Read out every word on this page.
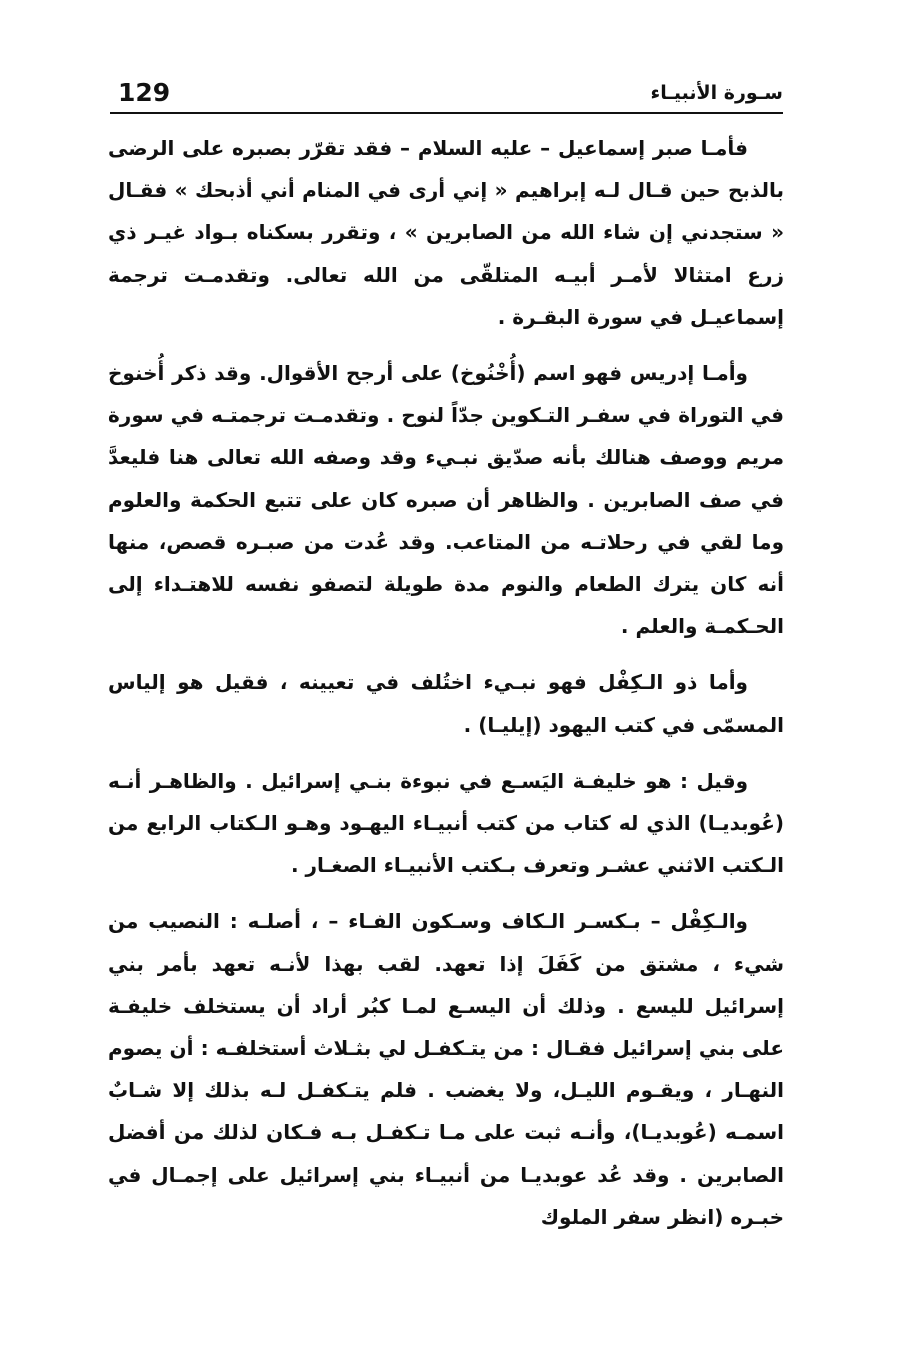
129	سـورة الأنبيـاء

فأمـا صبر إسماعيل – عليه السلام – فقد تقرّر بصبره على الرضى بالذبح حين قـال لـه إبراهيم « إني أرى في المنام أني أذبحك » فقـال « ستجدني إن شاء الله من الصابرين » ، وتقرر بسكناه بـواد غيـر ذي زرع امتثالا لأمـر أبيـه المتلقّى من الله تعالى. وتقدمـت ترجمة إسماعيـل في سورة البقـرة .

وأمـا إدريس فهو اسم (أُخْنُوخ) على أرجح الأقوال. وقد ذكر أُخنوخ في التوراة في سفـر التـكوين جدّاً لنوح . وتقدمـت ترجمتـه في سورة مريم ووصف هنالك بأنه صدّيق نبـيء وقد وصفه الله تعالى هنا فليعدَّ في صف الصابرين . والظاهر أن صبره كان على تتبع الحكمة والعلوم وما لقي في رحلاتـه من المتاعب. وقد عُدت من صبـره قصص، منها أنه كان يترك الطعام والنوم مدة طويلة لتصفو نفسه للاهتـداء إلى الحـكمـة والعلم .

وأما ذو الـكِفْل فهو نبـيء اختُلف في تعيينه ، فقيل هو إلياس المسمّى في كتب اليهود (إيليـا) .

وقيل : هو خليفـة اليَسـع في نبوءة بنـي إسرائيل . والظاهـر أنـه (عُوبديـا) الذي له كتاب من كتب أنبيـاء اليهـود وهـو الـكتاب الرابع من الـكتب الاثني عشـر وتعرف بـكتب الأنبيـاء الصغـار .

والـكِفْل – بـكسـر الـكاف وسـكون الفـاء – ، أصلـه : النصيب من شيء ، مشتق من كَفَلَ إذا تعهد. لقب بهذا لأنـه تعهد بأمر بني إسرائيل لليسع . وذلك أن اليسـع لمـا كبُر أراد أن يستخلف خليفـة على بني إسرائيل فقـال : من يتـكفـل لي بثـلاث أستخلفـه : أن يصوم النهـار ، ويقـوم الليـل، ولا يغضب . فلم يتـكفـل لـه بذلك إلا شـابٌ اسمـه (عُوبديـا)، وأنـه ثبت على مـا تـكفـل بـه فـكان لذلك من أفضل الصابرين . وقد عُد عوبديـا من أنبيـاء بني إسرائيل على إجمـال في خبـره (انظر سفر الملوك
